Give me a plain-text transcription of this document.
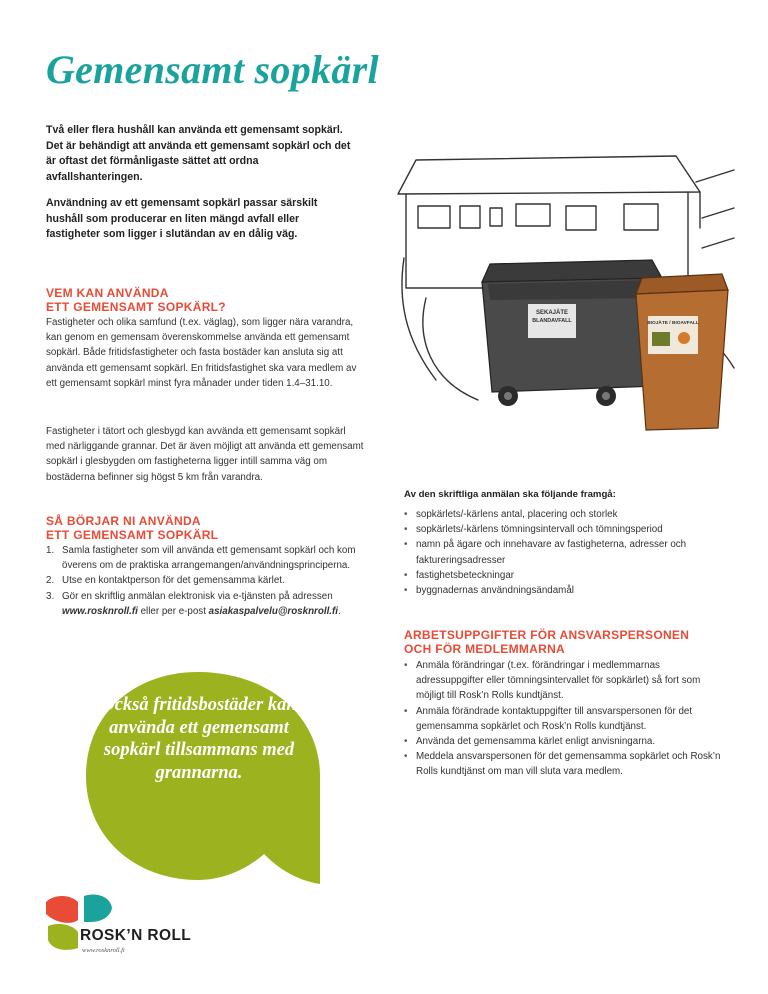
Gemensamt sopkärl

Två eller flera hushåll kan använda ett gemensamt sopkärl. Det är behändigt att använda ett gemensamt sopkärl och det är oftast det förmånligaste sättet att ordna avfallshanteringen.

Användning av ett gemensamt sopkärl passar särskilt hushåll som producerar en liten mängd avfall eller fastigheter som ligger i slutändan av en dålig väg.

VEM KAN ANVÄNDA
ETT GEMENSAMT SOPKÄRL?

Fastigheter och olika samfund (t.ex. väglag), som ligger nära varandra, kan genom en gemensam överenskommelse använda ett gemensamt sopkärl. Både fritidsfastigheter och fasta bostäder kan ansluta sig att använda ett gemensamt sopkärl. En fritidsfastighet ska vara medlem av ett gemensamt sopkärl minst fyra månader under tiden 1.4–31.10.

Fastigheter i tätort och glesbygd kan avvända ett gemensamt sopkärl med närliggande grannar. Det är även möjligt att använda ett gemensamt sopkärl i glesbygden om fastigheterna ligger intill samma väg om bostäderna befinner sig högst 5 km från varandra.

SÅ BÖRJAR NI ANVÄNDA
ETT GEMENSAMT SOPKÄRL
1. Samla fastigheter som vill använda ett gemensamt sopkärl och kom överens om de praktiska arrangemangen/användningsprinciperna.
2. Utse en kontaktperson för det gemensamma kärlet.
3. Gör en skriftlig anmälan elektronisk via e-tjänsten på adressen www.rosknroll.fi eller per e-post asiakaspalvelu@rosknroll.fi.
SEKAJÄTE
BLANDAVFALL	BIOJÄTE / BIOAVFALL
Av den skriftliga anmälan ska följande framgå:
• sopkärlets/-kärlens antal, placering och storlek
• sopkärlets/-kärlens tömningsintervall och tömningsperiod
• namn på ägare och innehavare av fastigheterna, adresser och faktureringsadresser
• fastighetsbeteckningar
• byggnadernas användningsändamål
ARBETSUPPGIFTER FÖR ANSVARSPERSONEN
OCH FÖR MEDLEMMARNA
• Anmäla förändringar (t.ex. förändringar i medlemmarnas adressuppgifter eller tömningsintervallet för sopkärlet) så fort som möjligt till Rosk’n Rolls kundtjänst.
• Anmäla förändrade kontaktuppgifter till ansvarspersonen för det gemensamma sopkärlet och Rosk’n Rolls kundtjänst.
• Använda det gemensamma kärlet enligt anvisningarna.
• Meddela ansvarspersonen för det gemensamma sopkärlet och Rosk’n Rolls kundtjänst om man vill sluta vara medlem.
Också fritidsbostäder kan använda ett gemensamt sopkärl tillsammans med grannarna.
ROSK’N ROLL
www.rosknroll.fi
